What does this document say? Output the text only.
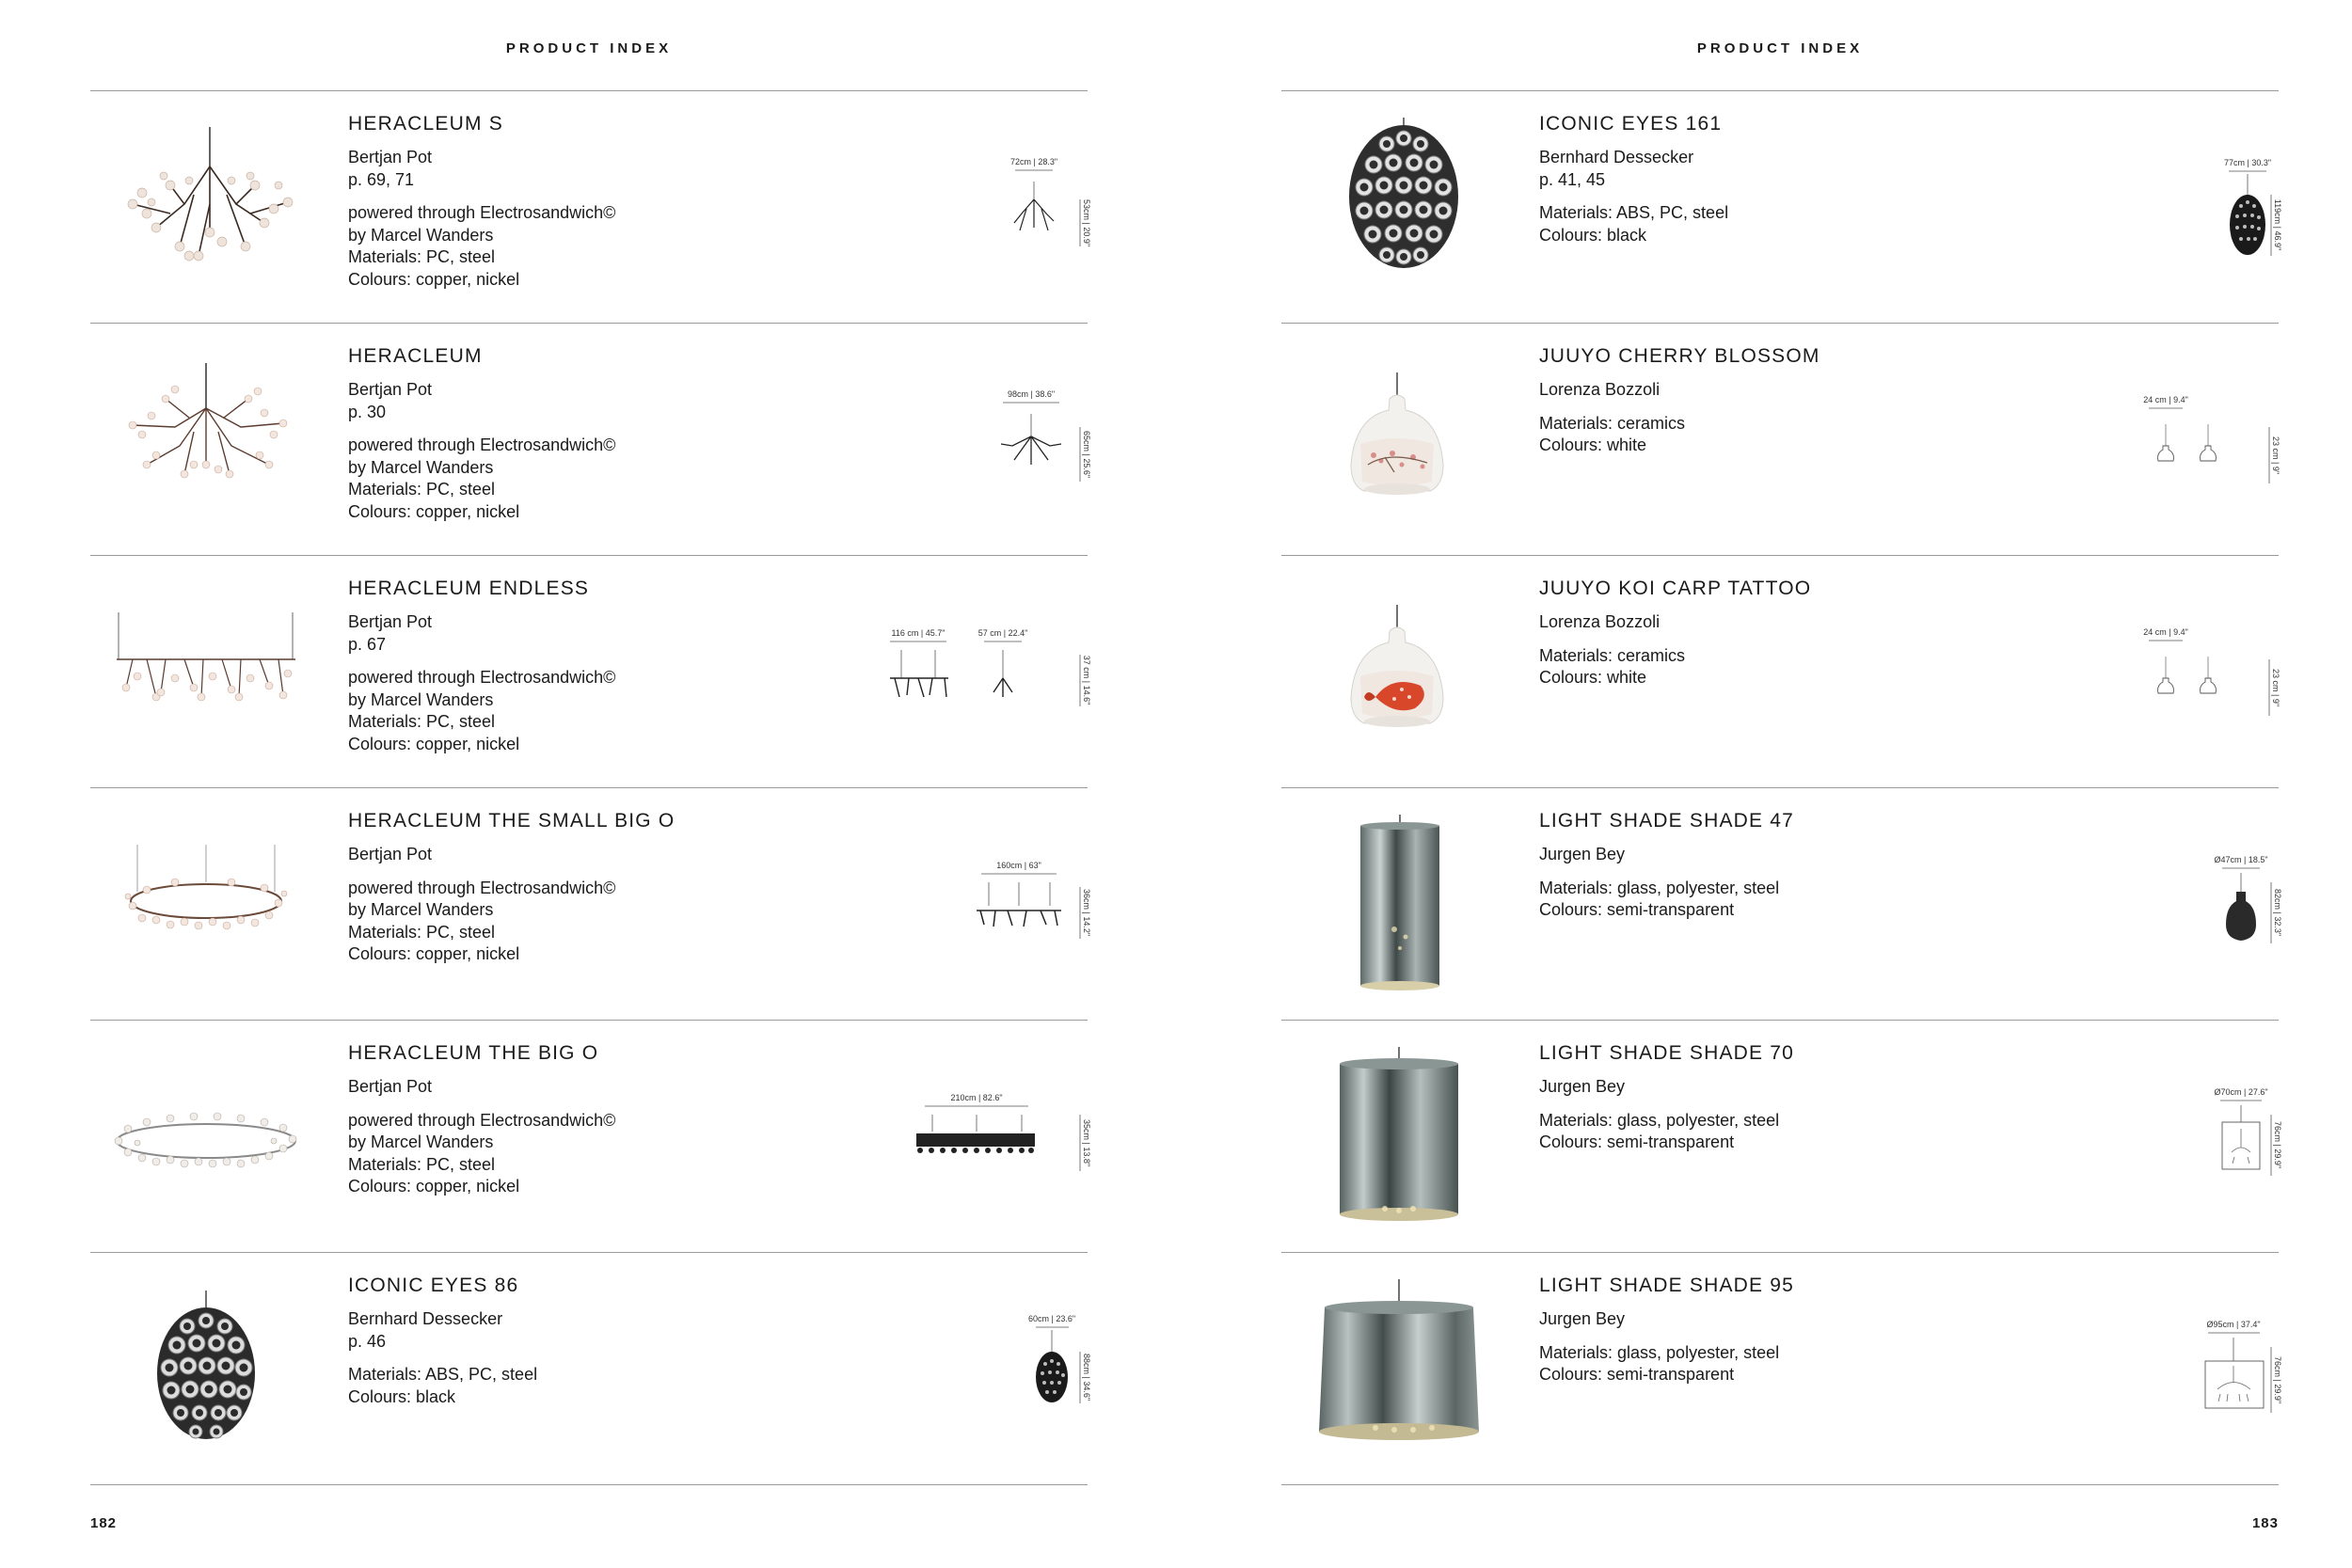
PRODUCT INDEX
HERACLEUM S
Bertjan Pot
p. 69, 71
powered through Electrosandwich©
by Marcel Wanders
Materials: PC, steel
Colours: copper, nickel
72cm | 28.3"
53cm | 20.9"
HERACLEUM
Bertjan Pot
p. 30
powered through Electrosandwich©
by Marcel Wanders
Materials: PC, steel
Colours: copper, nickel
98cm | 38.6"
65cm | 25.6"
HERACLEUM ENDLESS
Bertjan Pot
p. 67
powered through Electrosandwich©
by Marcel Wanders
Materials: PC, steel
Colours: copper, nickel
116 cm | 45.7"	57 cm | 22.4"
37 cm | 14.6"
HERACLEUM THE SMALL BIG O
Bertjan Pot
powered through Electrosandwich©
by Marcel Wanders
Materials: PC, steel
Colours: copper, nickel
160cm | 63"
36cm | 14.2"
HERACLEUM THE BIG O
Bertjan Pot
powered through Electrosandwich©
by Marcel Wanders
Materials: PC, steel
Colours: copper, nickel
210cm | 82.6"
35cm | 13.8"
ICONIC EYES 86
Bernhard Dessecker
p. 46
Materials: ABS, PC, steel
Colours: black
60cm | 23.6"
88cm | 34.6"
182
PRODUCT INDEX
ICONIC EYES 161
Bernhard Dessecker
p. 41, 45
Materials: ABS, PC, steel
Colours: black
77cm | 30.3"
119cm | 46.9"
JUUYO CHERRY BLOSSOM
Lorenza Bozzoli
Materials: ceramics
Colours: white
24 cm | 9.4"
23 cm | 9"
JUUYO KOI CARP TATTOO
Lorenza Bozzoli
Materials: ceramics
Colours: white
24 cm | 9.4"
23 cm | 9"
LIGHT SHADE SHADE 47
Jurgen Bey
Materials: glass, polyester, steel
Colours: semi-transparent
Ø47cm | 18.5"
82cm | 32.3"
LIGHT SHADE SHADE 70
Jurgen Bey
Materials: glass, polyester, steel
Colours: semi-transparent
Ø70cm | 27.6"
76cm | 29.9"
LIGHT SHADE SHADE 95
Jurgen Bey
Materials: glass, polyester, steel
Colours: semi-transparent
Ø95cm | 37.4"
76cm | 29.9"
183
